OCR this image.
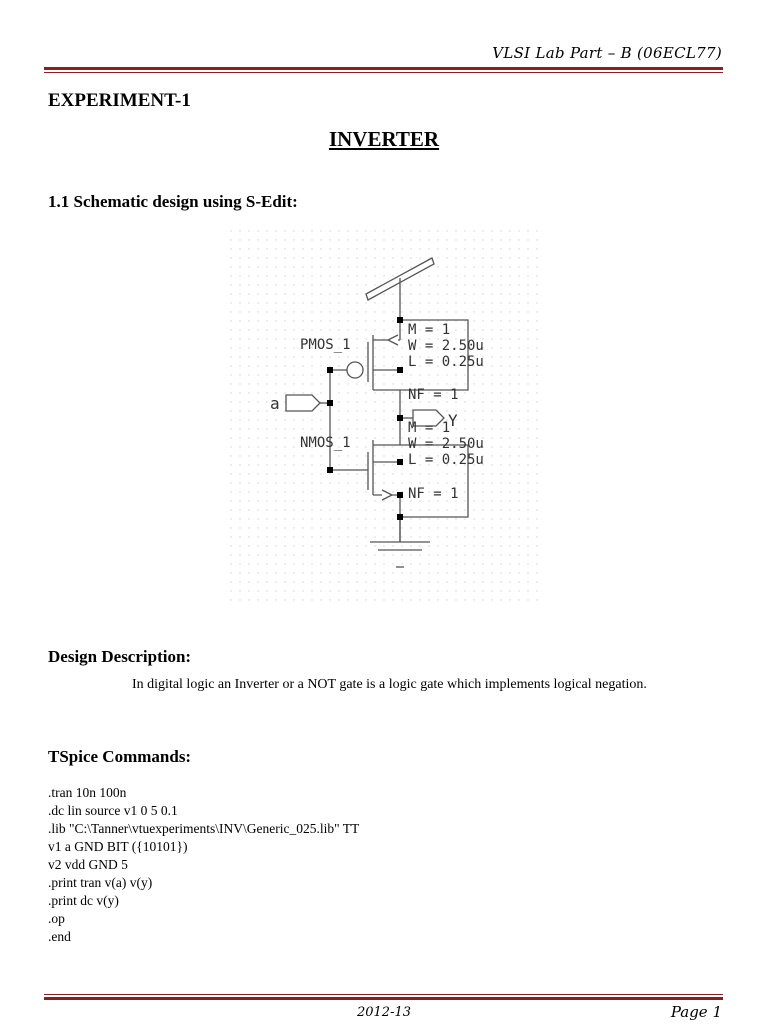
VLSI Lab Part – B (06ECL77)
EXPERIMENT-1
INVERTER
1.1 Schematic design using S-Edit:
PMOS_1
NMOS_1
a
Y
M = 1
W = 2.50u
L = 0.25u
NF = 1
M = 1
W = 2.50u
L = 0.25u
NF = 1
Design Description:
In digital logic an Inverter or a NOT gate is a logic gate which implements logical negation.
TSpice Commands:
.tran 10n 100n
.dc lin source v1 0 5 0.1
.lib "C:\Tanner\vtuexperiments\INV\Generic_025.lib" TT
v1 a GND BIT ({10101})
v2 vdd GND 5
.print tran v(a) v(y)
.print dc v(y)
.op
.end
2012-13	Page 1
